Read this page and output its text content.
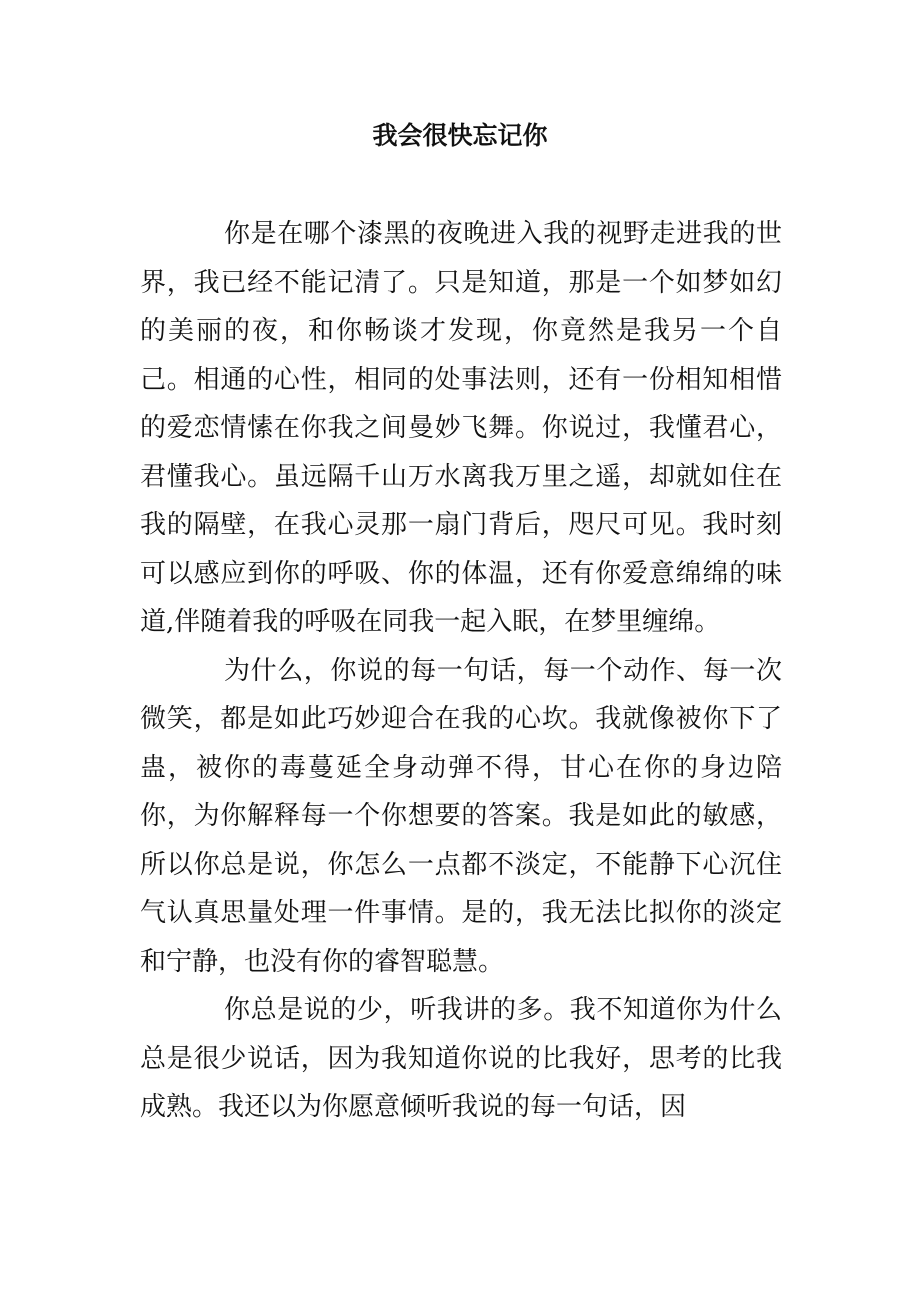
我会很快忘记你

你是在哪个漆黑的夜晚进入我的视野走进我的世界，我已经不能记清了。只是知道，那是一个如梦如幻的美丽的夜，和你畅谈才发现，你竟然是我另一个自己。相通的心性，相同的处事法则，还有一份相知相惜的爱恋情愫在你我之间曼妙飞舞。你说过，我懂君心，君懂我心。虽远隔千山万水离我万里之遥，却就如住在我的隔壁，在我心灵那一扇门背后，咫尺可见。我时刻可以感应到你的呼吸、你的体温，还有你爱意绵绵的味道,伴随着我的呼吸在同我一起入眠，在梦里缠绵。

为什么，你说的每一句话，每一个动作、每一次微笑，都是如此巧妙迎合在我的心坎。我就像被你下了蛊，被你的毒蔓延全身动弹不得，甘心在你的身边陪你，为你解释每一个你想要的答案。我是如此的敏感，所以你总是说，你怎么一点都不淡定，不能静下心沉住气认真思量处理一件事情。是的，我无法比拟你的淡定和宁静，也没有你的睿智聪慧。

你总是说的少，听我讲的多。我不知道你为什么总是很少说话，因为我知道你说的比我好，思考的比我成熟。我还以为你愿意倾听我说的每一句话，因
